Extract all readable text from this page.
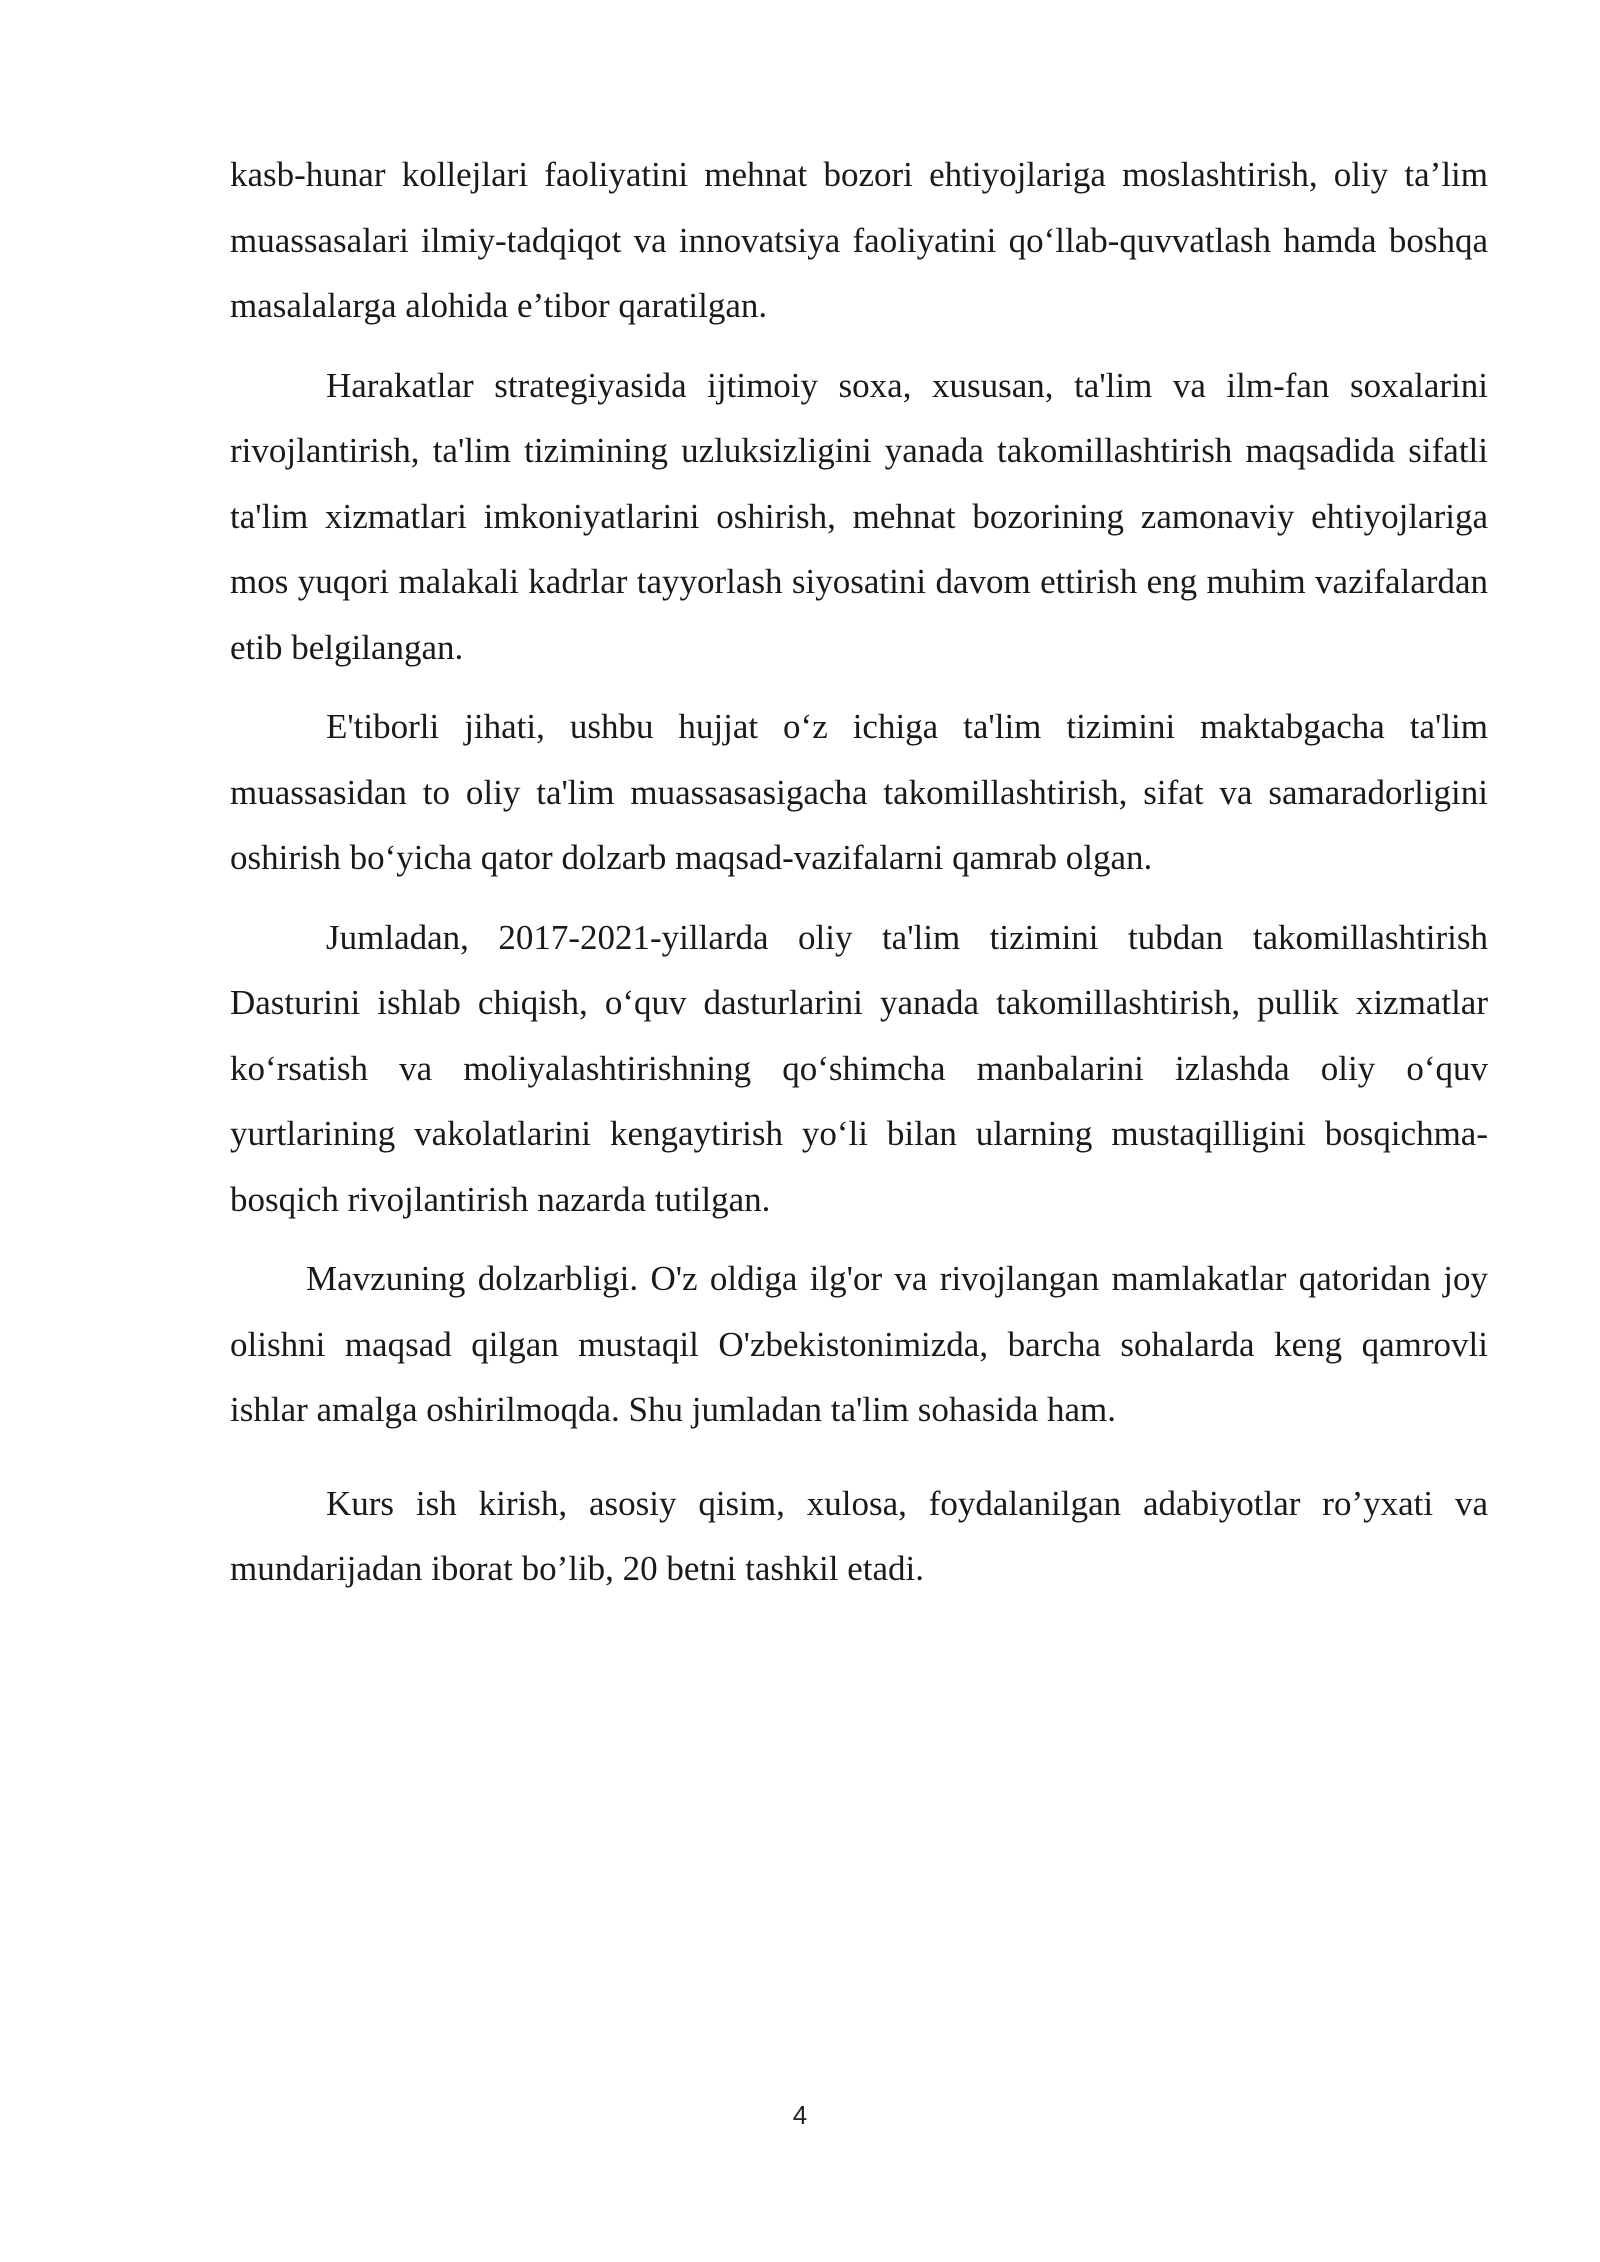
kasb-hunar kollejlari faoliyatini mehnat bozori ehtiyojlariga moslashtirish, oliy ta’lim muassasalari ilmiy-tadqiqot va innovatsiya faoliyatini qo‘llab-quvvatlash hamda boshqa masalalarga alohida e’tibor qaratilgan.

Harakatlar strategiyasida ijtimoiy soxa, xususan, ta'lim va ilm-fan soxalarini rivojlantirish, ta'lim tizimining uzluksizligini yanada takomillashtirish maqsadida sifatli ta'lim xizmatlari imkoniyatlarini oshirish, mehnat bozorining zamonaviy ehtiyojlariga mos yuqori malakali kadrlar tayyorlash siyosatini davom ettirish eng muhim vazifalardan etib belgilangan.

E'tiborli jihati, ushbu hujjat o‘z ichiga ta'lim tizimini maktabgacha ta'lim muassasidan to oliy ta'lim muassasasigacha takomillashtirish, sifat va samaradorligini oshirish bo‘yicha qator dolzarb maqsad-vazifalarni qamrab olgan.

Jumladan, 2017-2021-yillarda oliy ta'lim tizimini tubdan takomillashtirish Dasturini ishlab chiqish, o‘quv dasturlarini yanada takomillashtirish, pullik xizmatlar ko‘rsatish va moliyalashtirishning qo‘shimcha manbalarini izlashda oliy o‘quv yurtlarining vakolatlarini kengaytirish yo‘li bilan ularning mustaqilligini bosqichma-bosqich rivojlantirish nazarda tutilgan.

Mavzuning dolzarbligi. O'z oldiga ilg'or va rivojlangan mamlakatlar qatoridan joy olishni maqsad qilgan mustaqil O'zbekistonimizda, barcha sohalarda keng qamrovli ishlar amalga oshirilmoqda. Shu jumladan ta'lim sohasida ham.

Kurs ish kirish, asosiy qisim, xulosa, foydalanilgan adabiyotlar ro’yxati va mundarijadan iborat bo’lib, 20 betni tashkil etadi.

4
